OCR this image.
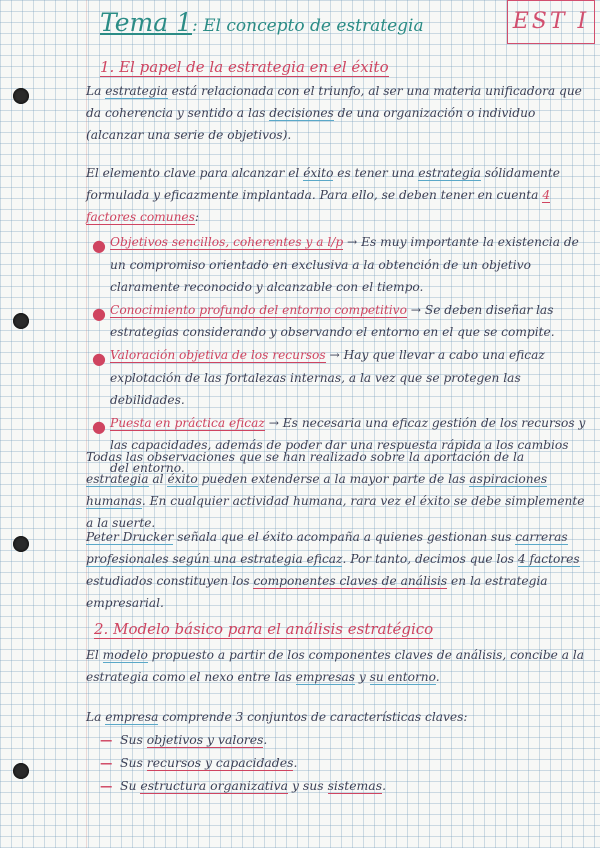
Tema 1: El concepto de estrategia	EST I
1. El papel de la estrategia en el éxito
La estrategia está relacionada con el triunfo, al ser una materia unificadora que da coherencia y sentido a las decisiones de una organización o individuo (alcanzar una serie de objetivos).
El elemento clave para alcanzar el éxito es tener una estrategia sólidamente formulada y eficazmente implantada. Para ello, se deben tener en cuenta 4 factores comunes:
● Objetivos sencillos, coherentes y a l/p → Es muy importante la existencia de un compromiso orientado en exclusiva a la obtención de un objetivo claramente reconocido y alcanzable con el tiempo.
● Conocimiento profundo del entorno competitivo → Se deben diseñar las estrategias considerando y observando el entorno en el que se compite.
● Valoración objetiva de los recursos → Hay que llevar a cabo una eficaz explotación de las fortalezas internas, a la vez que se protegen las debilidades.
● Puesta en práctica eficaz → Es necesaria una eficaz gestión de los recursos y las capacidades, además de poder dar una respuesta rápida a los cambios del entorno.
Todas las observaciones que se han realizado sobre la aportación de la estrategia al éxito pueden extenderse a la mayor parte de las aspiraciones humanas. En cualquier actividad humana, rara vez el éxito se debe simplemente a la suerte.
Peter Drucker señala que el éxito acompaña a quienes gestionan sus carreras profesionales según una estrategia eficaz. Por tanto, decimos que los 4 factores estudiados constituyen los componentes claves de análisis en la estrategia empresarial.
2. Modelo básico para el análisis estratégico
El modelo propuesto a partir de los componentes claves de análisis, concibe a la estrategia como el nexo entre las empresas y su entorno.
La empresa comprende 3 conjuntos de características claves:
— Sus objetivos y valores.
— Sus recursos y capacidades.
— Su estructura organizativa y sus sistemas.
